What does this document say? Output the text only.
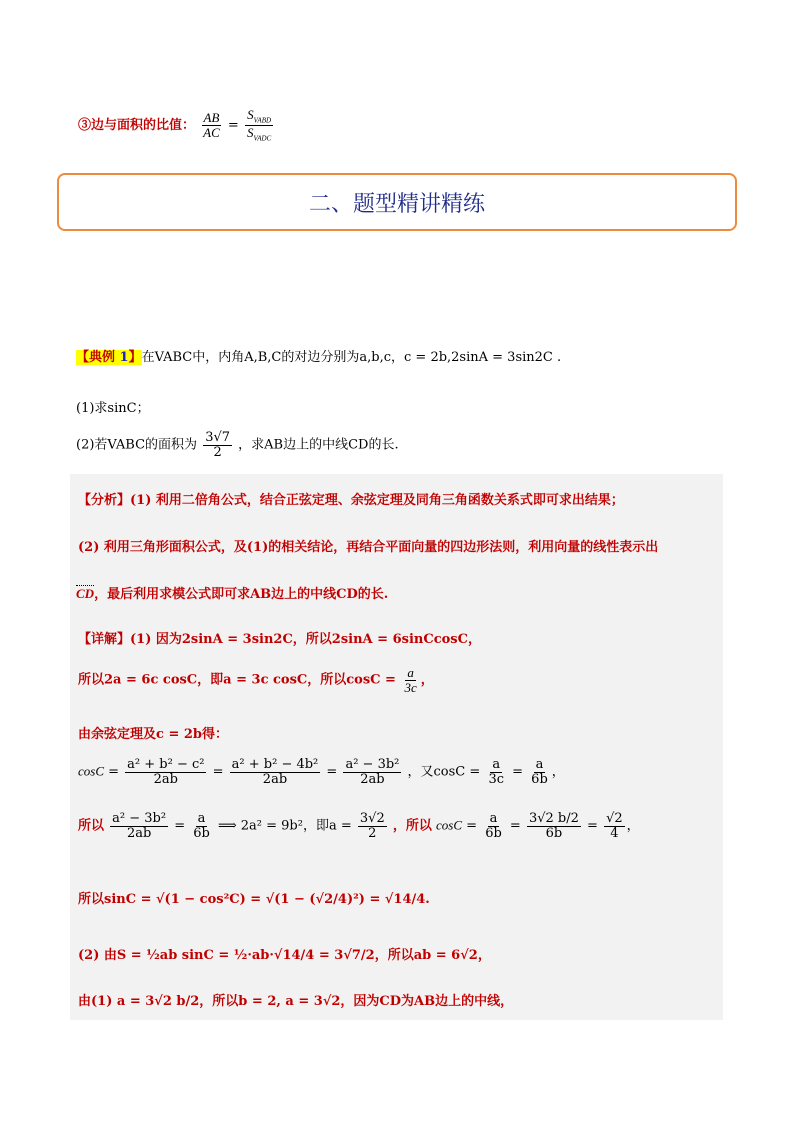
③边与面积的比值： $\frac{AB}{AC} = \frac{S_{VABD}}{S_{VADC}}$
二、题型精讲精练
【典例 1】在VABC中，内角A,B,C的对边分别为a,b,c，c = 2b,2sinA = 3sin2C .
(1)求sinC；
(2)若VABC的面积为 $\frac{3√7}{2}$ ，求AB边上的中线CD的长.
【分析】(1) 利用二倍角公式，结合正弦定理、余弦定理及同角三角函数关系式即可求出结果；
(2) 利用三角形面积公式，及(1)的相关结论，再结合平面向量的四边形法则，利用向量的线性表示出
CD，最后利用求模公式即可求AB边上的中线CD的长.
【详解】(1) 因为2sinA = 3sin2C，所以2sinA = 6sinCcosC，
所以2a = 6c cosC，即a = 3c cosC，所以$\cos C = \frac{a}{3c}$ ，
由余弦定理及c = 2b得：
$\cos C = \frac{\text{a² + b² − c²}}{2ab} = \frac{\text{a² + b² − 4b²}}{2ab} = \frac{\text{a² − 3b²}}{2ab}$ ，又$\cos C = \frac{a}{3c} = \frac{a}{6b}$ ，
所以 $\frac{\text{a² − 3b²}}{2ab} = \frac{a}{6b}$ ⟹ 2a² = 9b²，即$a = \frac{3√2}{2}$ ，所以 $\cos C = \frac{a}{6b} = \frac{3√2 b/2}{6b} = \frac{√2}{4}$ ，
所以sinC = √(1 − cos²C) = √(1 − (√2/4)²) = √14/4.
(2) 由S = ½ab sinC = ½·ab·√14/4 = 3√7/2，所以ab = 6√2，
由(1) a = 3√2 b/2，所以b = 2, a = 3√2，因为CD为AB边上的中线，
